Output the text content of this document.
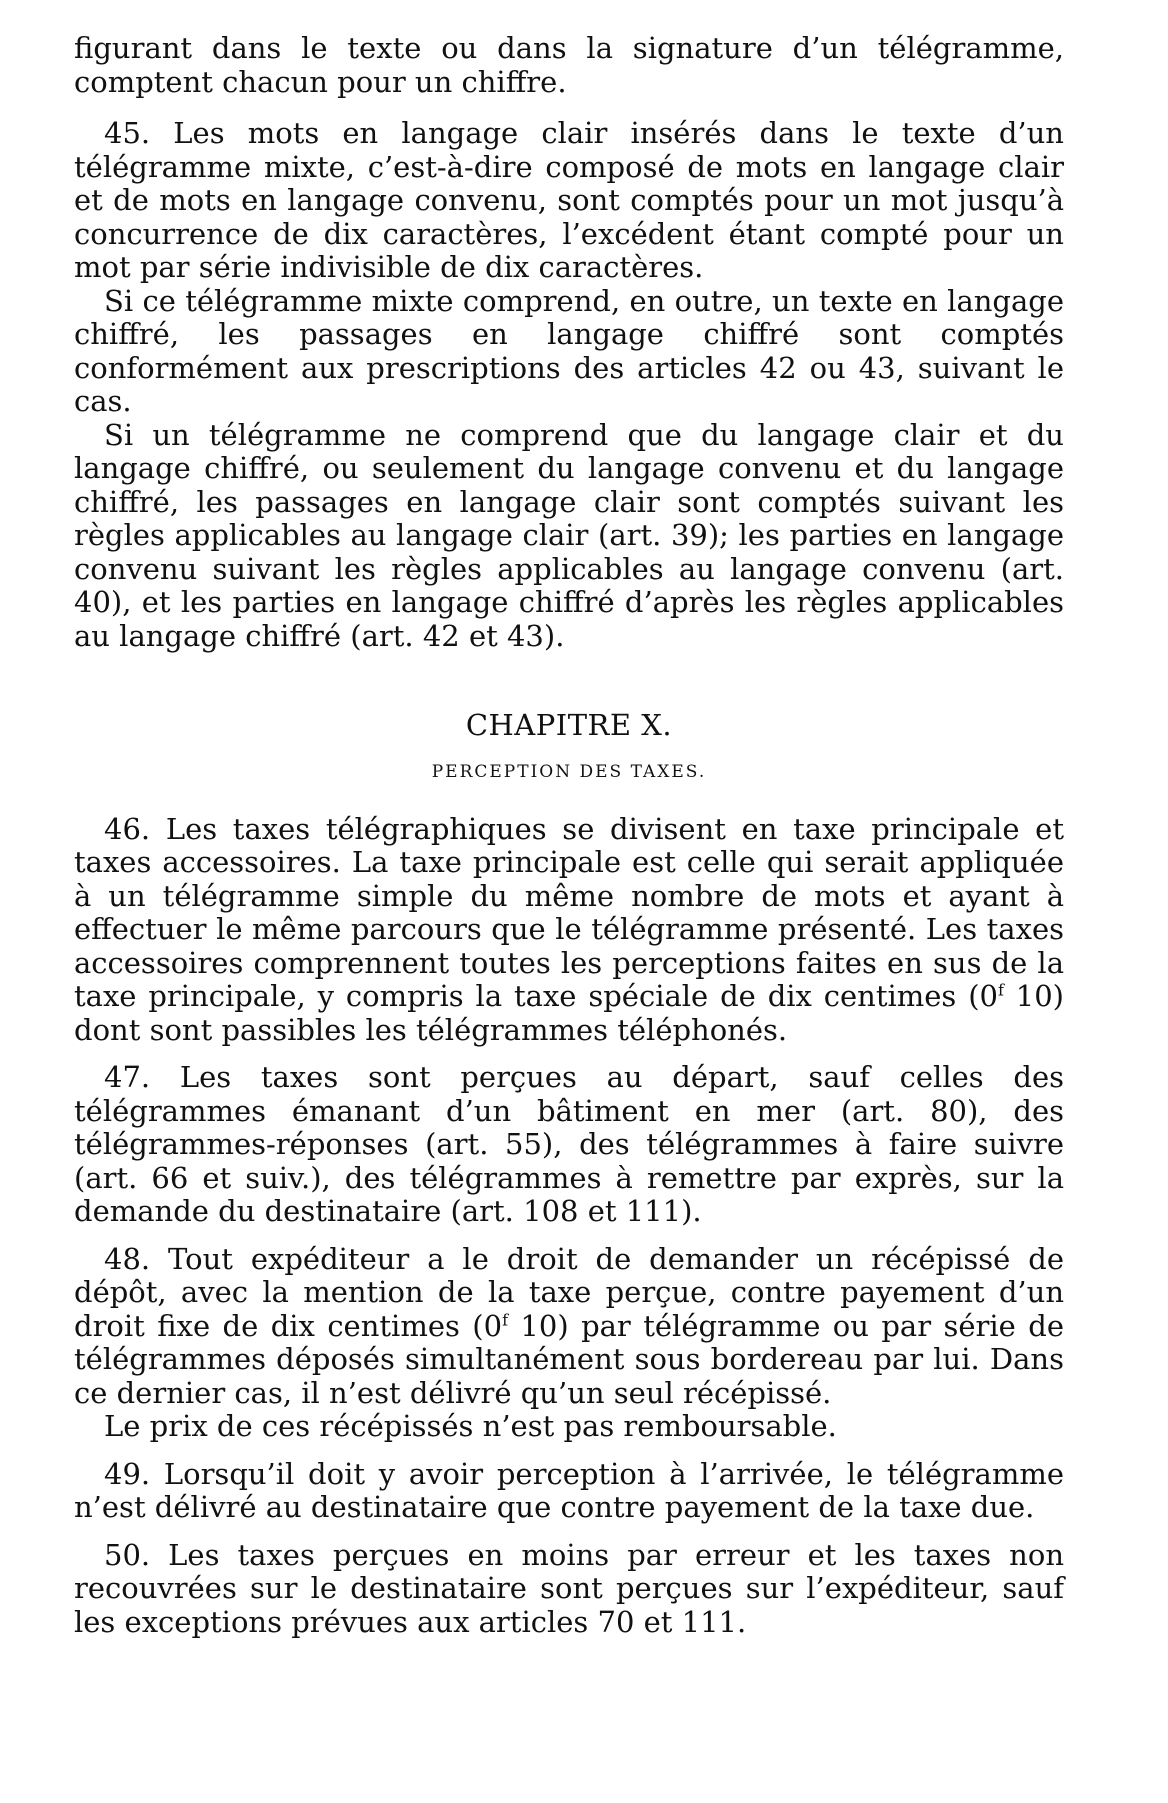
figurant dans le texte ou dans la signature d’un télégramme, comptent chacun pour un chiffre.

45. Les mots en langage clair insérés dans le texte d’un télégramme mixte, c’est-à-dire composé de mots en langage clair et de mots en langage convenu, sont comptés pour un mot jusqu’à concurrence de dix caractères, l’excédent étant compté pour un mot par série indivisible de dix caractères.

Si ce télégramme mixte comprend, en outre, un texte en langage chiffré, les passages en langage chiffré sont comptés conformément aux prescriptions des articles 42 ou 43, suivant le cas.

Si un télégramme ne comprend que du langage clair et du langage chiffré, ou seulement du langage convenu et du langage chiffré, les passages en langage clair sont comptés suivant les règles applicables au langage clair (art. 39); les parties en langage convenu suivant les règles applicables au langage convenu (art. 40), et les parties en langage chiffré d’après les règles applicables au langage chiffré (art. 42 et 43).

CHAPITRE X.
PERCEPTION DES TAXES.

46. Les taxes télégraphiques se divisent en taxe principale et taxes accessoires. La taxe principale est celle qui serait appliquée à un télégramme simple du même nombre de mots et ayant à effectuer le même parcours que le télégramme présenté. Les taxes accessoires comprennent toutes les perceptions faites en sus de la taxe principale, y compris la taxe spéciale de dix centimes (0$^f$ 10) dont sont passibles les télégrammes téléphonés.

47. Les taxes sont perçues au départ, sauf celles des télégrammes émanant d’un bâtiment en mer (art. 80), des télégrammes-réponses (art. 55), des télégrammes à faire suivre (art. 66 et suiv.), des télégrammes à remettre par exprès, sur la demande du destinataire (art. 108 et 111).

48. Tout expéditeur a le droit de demander un récépissé de dépôt, avec la mention de la taxe perçue, contre payement d’un droit fixe de dix centimes (0$^f$ 10) par télégramme ou par série de télégrammes déposés simultanément sous bordereau par lui. Dans ce dernier cas, il n’est délivré qu’un seul récépissé.

Le prix de ces récépissés n’est pas remboursable.

49. Lorsqu’il doit y avoir perception à l’arrivée, le télégramme n’est délivré au destinataire que contre payement de la taxe due.

50. Les taxes perçues en moins par erreur et les taxes non recouvrées sur le destinataire sont perçues sur l’expéditeur, sauf les exceptions prévues aux articles 70 et 111.
